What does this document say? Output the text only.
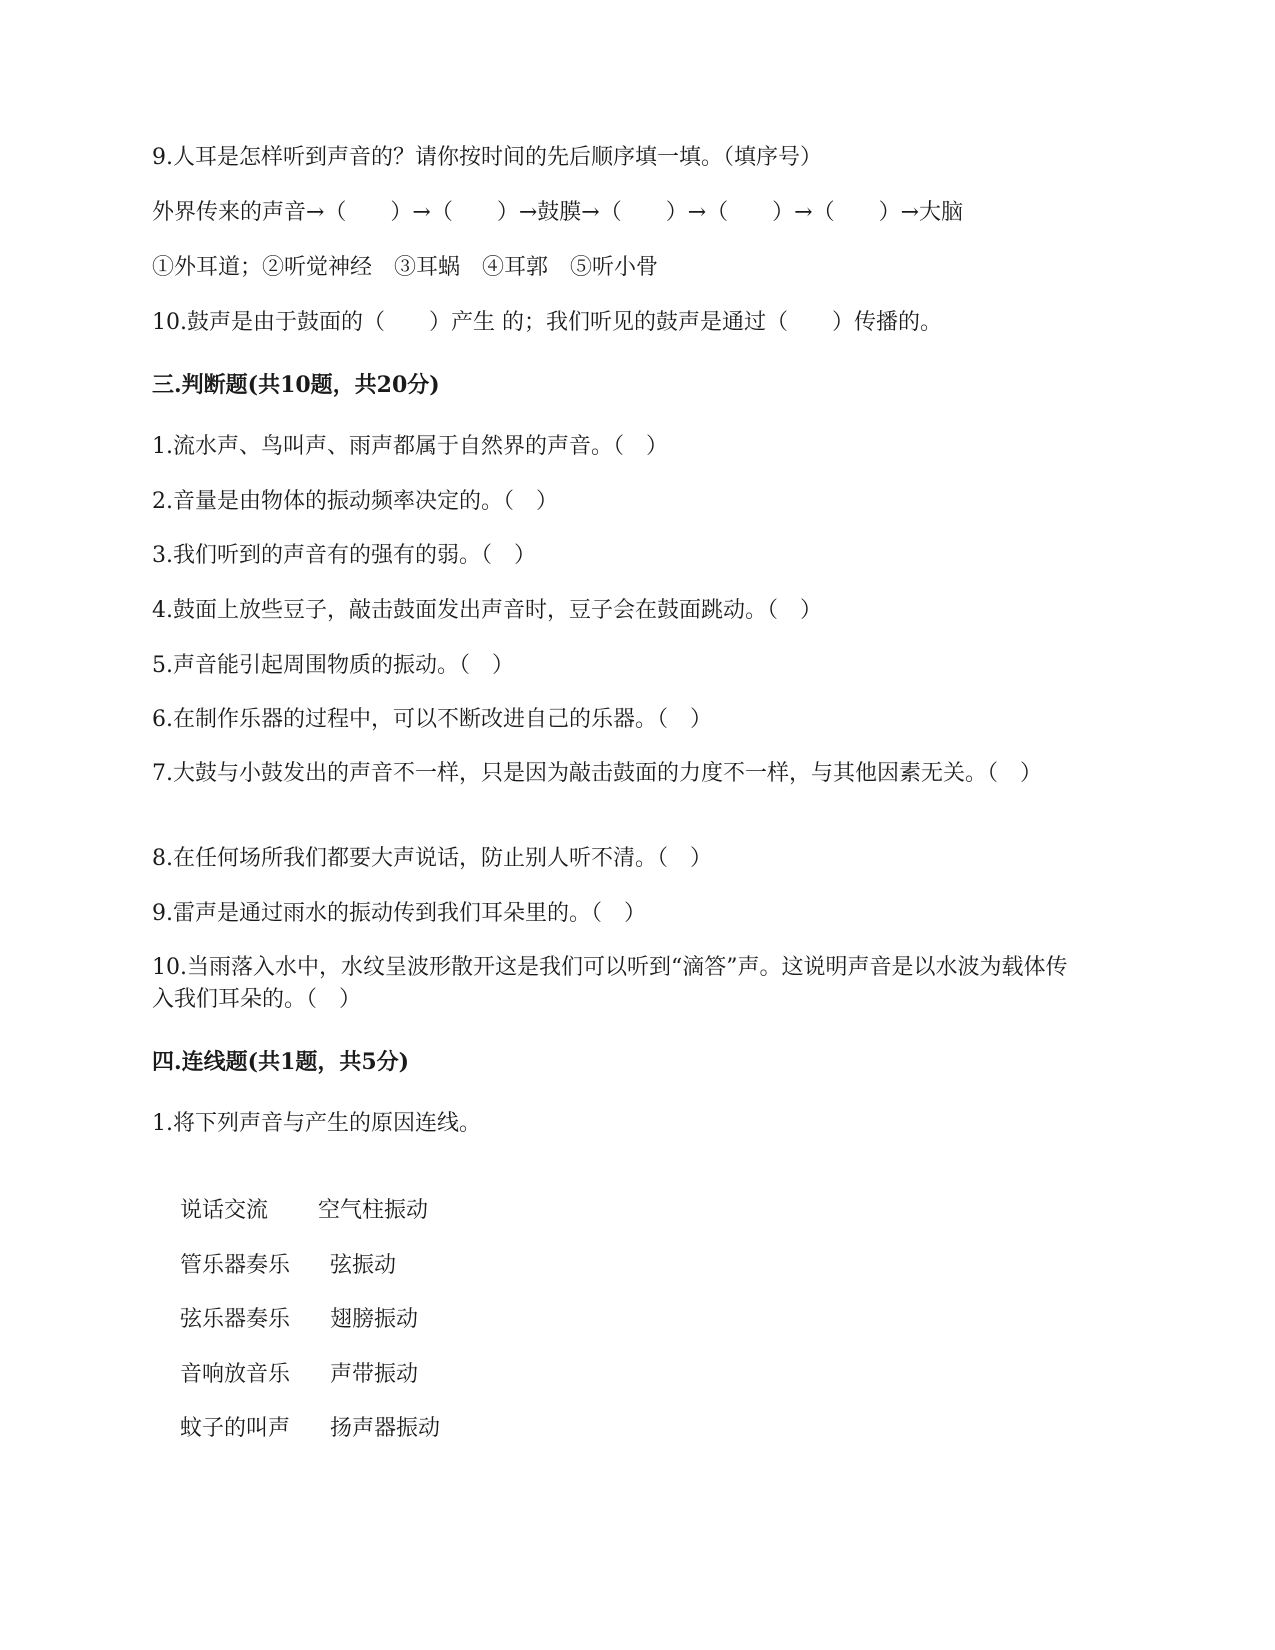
9.人耳是怎样听到声音的？请你按时间的先后顺序填一填。（填序号）
外界传来的声音→（　　）→（　　）→鼓膜→（　　）→（　　）→（　　）→大脑
①外耳道；②听觉神经　③耳蜗　④耳郭　⑤听小骨
10.鼓声是由于鼓面的（　　）产生 的；我们听见的鼓声是通过（　　）传播的。
三.判断题(共10题，共20分)
1.流水声、鸟叫声、雨声都属于自然界的声音。（　）
2.音量是由物体的振动频率决定的。（　）
3.我们听到的声音有的强有的弱。（　）
4.鼓面上放些豆子，敲击鼓面发出声音时，豆子会在鼓面跳动。（　）
5.声音能引起周围物质的振动。（　）
6.在制作乐器的过程中，可以不断改进自己的乐器。（　）
7.大鼓与小鼓发出的声音不一样，只是因为敲击鼓面的力度不一样，与其他因素无关。（　）
8.在任何场所我们都要大声说话，防止别人听不清。（　）
9.雷声是通过雨水的振动传到我们耳朵里的。（　）
10.当雨落入水中，水纹呈波形散开这是我们可以听到“滴答”声。这说明声音是以水波为载体传入我们耳朵的。（　）
四.连线题(共1题，共5分)
1.将下列声音与产生的原因连线。

说话交流 空气柱振动

管乐器奏乐 弦振动

弦乐器奏乐 翅膀振动

音响放音乐 声带振动

蚊子的叫声 扬声器振动
